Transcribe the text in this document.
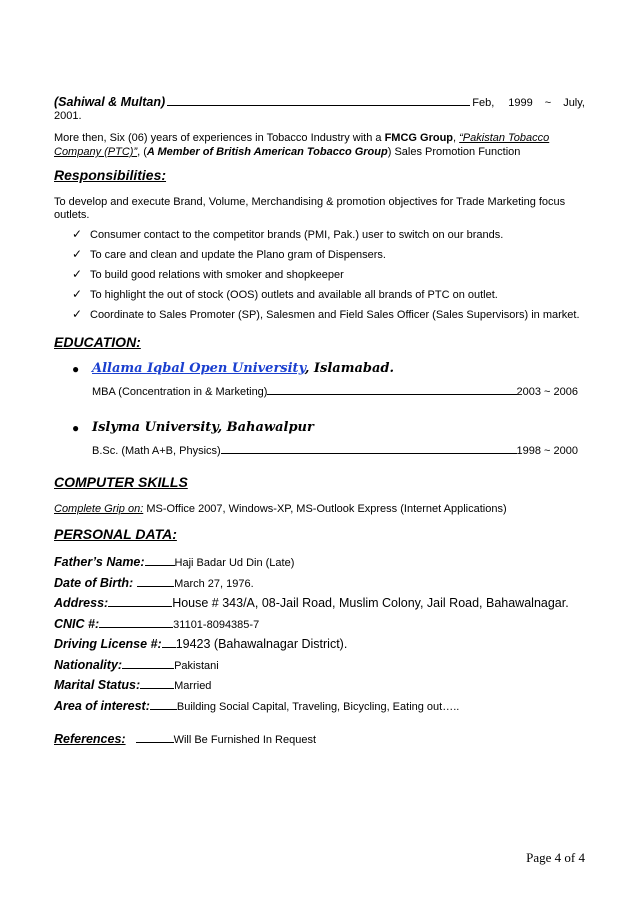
(Sahiwal & Multan)	Feb, 1999 ~ July,
2001.
More then, Six (06) years of experiences in Tobacco Industry with a FMCG Group, “Pakistan Tobacco
Company (PTC)”, (A Member of British American Tobacco Group) Sales Promotion Function
Responsibilities:
To develop and execute Brand, Volume, Merchandising & promotion objectives for Trade Marketing focus
outlets.
✓ Consumer contact to the competitor brands (PMI, Pak.) user to switch on our brands.
✓ To care and clean and update the Plano gram of Dispensers.
✓ To build good relations with smoker and shopkeeper
✓ To highlight the out of stock (OOS) outlets and available all brands of PTC on outlet.
✓ Coordinate to Sales Promoter (SP), Salesmen and Field Sales Officer (Sales Supervisors) in market.
EDUCATION:
● Allama Iqbal Open University, Islamabad.
MBA (Concentration in & Marketing)	2003 ~ 2006
● Islyma University, Bahawalpur
B.Sc. (Math A+B, Physics)	1998 ~ 2000
COMPUTER SKILLS
Complete Grip on: MS-Office 2007, Windows-XP, MS-Outlook Express (Internet Applications)
PERSONAL DATA:
Father’s Name:	Haji Badar Ud Din (Late)
Date of Birth:	March 27, 1976.
Address:	House # 343/A, 08-Jail Road, Muslim Colony, Jail Road, Bahawalnagar.
CNIC #:	31101-8094385-7
Driving License #: 19423 (Bahawalnagar District).
Nationality:	Pakistani
Marital Status:	Married
Area of interest: Building Social Capital, Traveling, Bicycling, Eating out…..
References:	Will Be Furnished In Request
Page 4 of 4
